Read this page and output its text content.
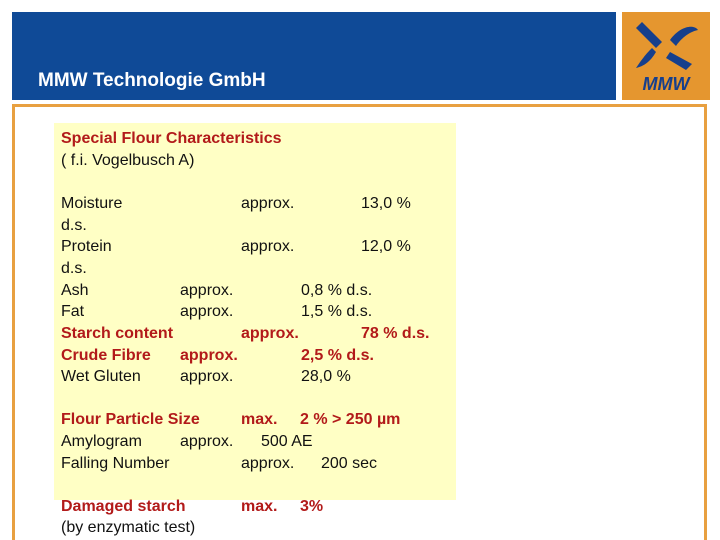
MMW Technologie GmbH	MMW
Special Flour Characteristics
( f.i. Vogelbusch A)
Moisture	approx.	13,0 %
d.s.
Protein	approx.	12,0 %
d.s.
Ash	approx.	0,8 % d.s.
Fat	approx.	1,5 % d.s.
Starch content	approx.	78 % d.s.
Crude Fibre approx.	2,5 % d.s.
Wet Gluten approx.	28,0 %
Flour Particle Size	max. 2 % > 250 µm
Amylogram approx. 500 AE
Falling Number	approx. 200 sec
Damaged starch	max. 3%
(by enzymatic test)
